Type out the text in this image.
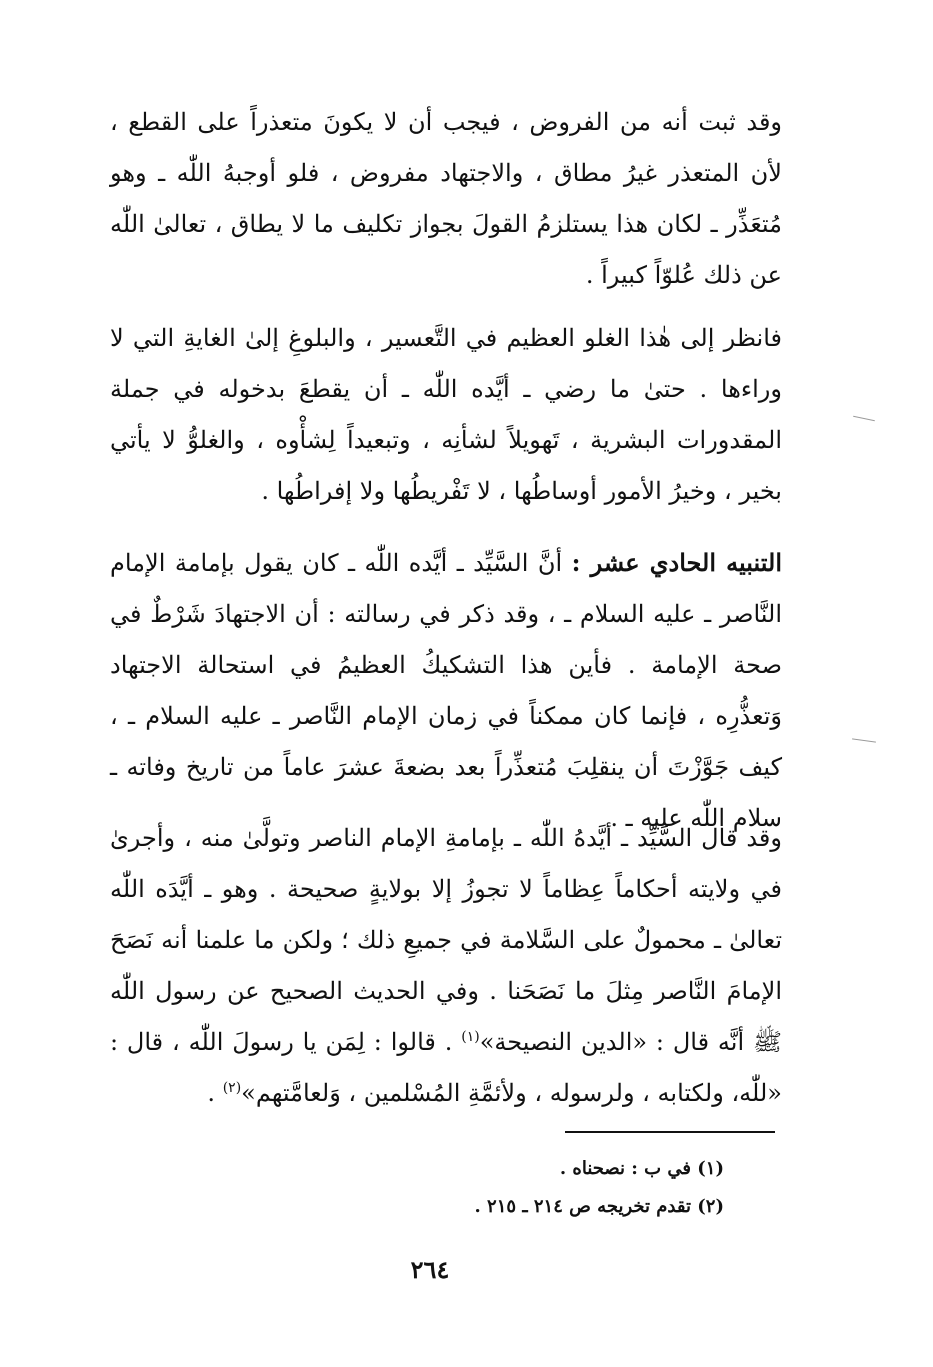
وقد ثبت أنه من الفروض ، فيجب أن لا يكونَ متعذراً على القطع ، لأن المتعذر غيرُ مطاق ، والاجتهاد مفروض ، فلو أوجبهُ اللّٰه ـ وهو مُتعَذِّر ـ لكان هذا يستلزمُ القولَ بجواز تكليف ما لا يطاق ، تعالىٰ اللّٰه عن ذلك عُلوّاً كبيراً .

فانظر إلى هٰذا الغلو العظيم في التَّعسير ، والبلوغِ إلىٰ الغايةِ التي لا وراءها . حتىٰ ما رضي ـ أيَّده اللّٰه ـ أن يقطعَ بدخوله في جملة المقدورات البشرية ، تَهويلاً لشأنِه ، وتبعيداً لِشأْوه ، والغلوُّ لا يأتي بخير ، وخيرُ الأمور أوساطُها ، لا تَفْريطُها ولا إفراطُها .

التنبيه الحادي عشر : أنَّ السَّيِّد ـ أيَّده اللّٰه ـ كان يقول بإمامة الإمام النَّاصر ـ عليه السلام ـ ، وقد ذكر في رسالته : أن الاجتهادَ شَرْطٌ في صحة الإمامة . فأين هذا التشكيكُ العظيمُ في استحالة الاجتهاد وَتعذُّرِه ، فإنما كان ممكناً في زمان الإمام النَّاصر ـ عليه السلام ـ ، كيف جَوَّزْتَ أن ينقلِبَ مُتعذِّراً بعد بضعةَ عشرَ عاماً من تاريخ وفاته ـ سلام اللّٰه عليه ـ .

وقد قال السَّيِّد ـ أيَّدهُ اللّٰه ـ بإمامةِ الإمام الناصر وتولَّىٰ منه ، وأجرىٰ في ولايته أحكاماً عِظاماً لا تجوزُ إلا بولايةٍ صحيحة . وهو ـ أيَّدَه اللّٰه تعالىٰ ـ محمولٌ على السَّلامة في جميعِ ذلك ؛ ولكن ما علمنا أنه نَصَحَ الإمامَ النَّاصر مِثلَ ما نَصَحَنا . وفي الحديث الصحيح عن رسول اللّٰه ﷺ أنَّه قال : «الدين النصيحة»$^{(١)}$ . قالوا : لِمَن يا رسولَ اللّٰه ، قال : «للّٰه، ولكتابه ، ولرسوله ، ولأئمَّةِ المُسْلمين ، وَلعامَّتهم»$^{(٢)}$ .

(١) في ب : نصحناه .
(٢) تقدم تخريجه ص ٢١٤ ـ ٢١٥ .
٢٦٤
